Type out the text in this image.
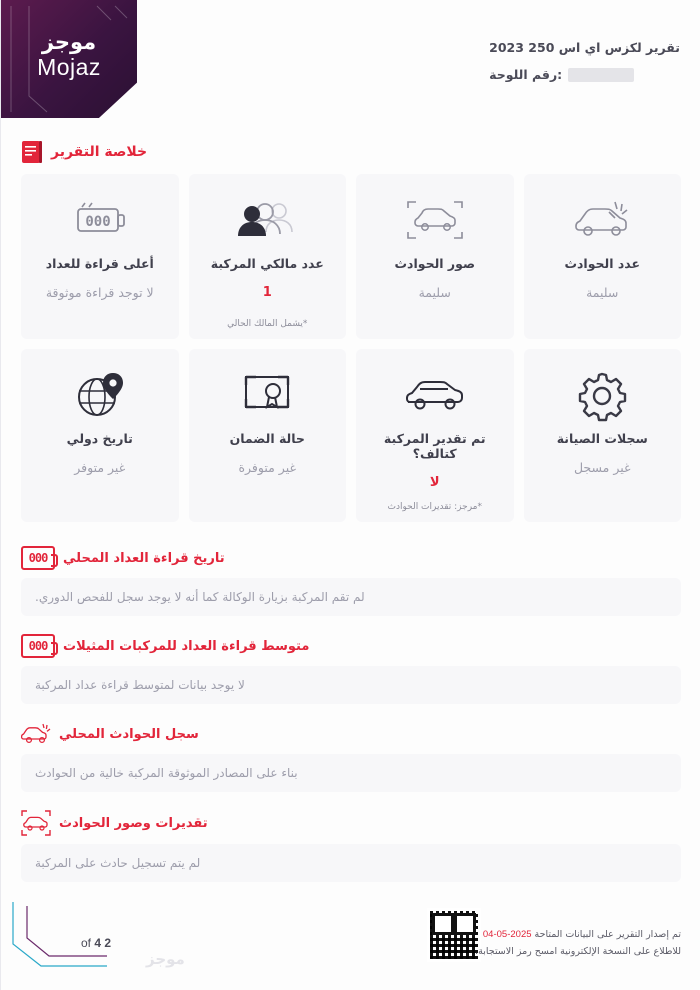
موجز
Mojaz
تقرير لكزس اي اس 250 2023
:رقم اللوحة
خلاصة التقرير
عدد الحوادث
سليمة
صور الحوادث
سليمة
عدد مالكي المركبة
1
*يشمل المالك الحالي
000
أعلى قراءة للعداد
لا توجد قراءة موثوقة
سجلات الصيانة
غير مسجل
تم تقدير المركبة كتالف؟
لا
*مرجز: تقديرات الحوادث
حالة الضمان
غير متوفرة
تاريخ دولي
غير متوفر
تاريخ قراءة العداد المحلي
000
لم تقم المركبة بزيارة الوكالة كما أنه لا يوجد سجل للفحص الدوري.
متوسط قراءة العداد للمركبات المثيلات
000
لا يوجد بيانات لمتوسط قراءة عداد المركبة
سجل الحوادث المحلي
بناء على المصادر الموثوقة المركبة خالية من الحوادث
تقديرات وصور الحوادث
لم يتم تسجيل حادث على المركبة
تم إصدار التقرير على البيانات المتاحة 2025-05-04
للاطلاع على النسخة الإلكترونية امسح رمز الاستجابة.
2 of 4
موجز
